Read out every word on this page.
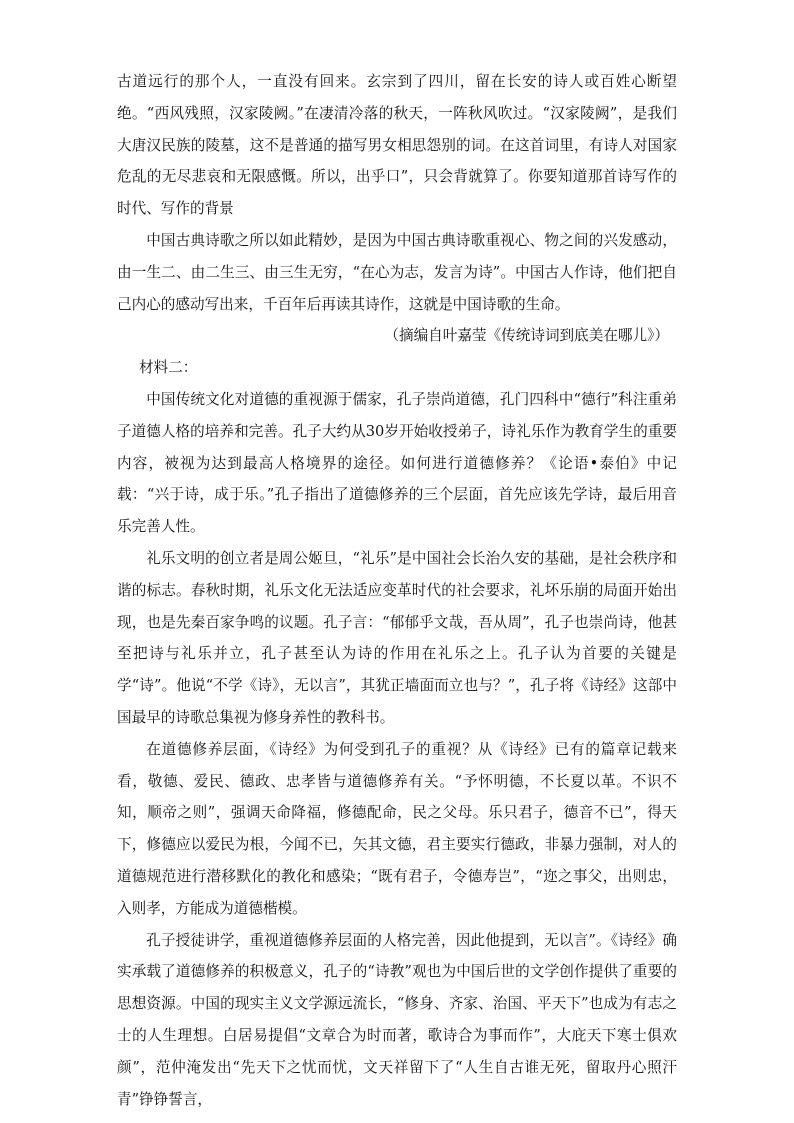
古道远行的那个人，一直没有回来。玄宗到了四川，留在长安的诗人或百姓心断望绝。“西风残照，汉家陵阙。”在凄清冷落的秋天，一阵秋风吹过。“汉家陵阙”，是我们大唐汉民族的陵墓，这不是普通的描写男女相思怨别的词。在这首词里，有诗人对国家危乱的无尽悲哀和无限感慨。所以，出乎口”，只会背就算了。你要知道那首诗写作的时代、写作的背景

中国古典诗歌之所以如此精妙，是因为中国古典诗歌重视心、物之间的兴发感动，由一生二、由二生三、由三生无穷，“在心为志，发言为诗”。中国古人作诗，他们把自己内心的感动写出来，千百年后再读其诗作，这就是中国诗歌的生命。

（摘编自叶嘉莹《传统诗词到底美在哪儿》）

材料二：

中国传统文化对道德的重视源于儒家，孔子崇尚道德，孔门四科中“德行”科注重弟子道德人格的培养和完善。孔子大约从30岁开始收授弟子，诗礼乐作为教育学生的重要内容，被视为达到最高人格境界的途径。如何进行道德修养？《论语•泰伯》中记载：“兴于诗，成于乐。”孔子指出了道德修养的三个层面，首先应该先学诗，最后用音乐完善人性。

礼乐文明的创立者是周公姬旦，“礼乐”是中国社会长治久安的基础，是社会秩序和谐的标志。春秋时期，礼乐文化无法适应变革时代的社会要求，礼坏乐崩的局面开始出现，也是先秦百家争鸣的议题。孔子言：“郁郁乎文哉，吾从周”，孔子也崇尚诗，他甚至把诗与礼乐并立，孔子甚至认为诗的作用在礼乐之上。孔子认为首要的关键是学“诗”。他说“不学《诗》，无以言”，其犹正墙面而立也与？”，孔子将《诗经》这部中国最早的诗歌总集视为修身养性的教科书。

在道德修养层面，《诗经》为何受到孔子的重视？从《诗经》已有的篇章记载来看，敬德、爱民、德政、忠孝皆与道德修养有关。“予怀明德，不长夏以革。不识不知，顺帝之则”，强调天命降福，修德配命，民之父母。乐只君子，德音不已”，得天下，修德应以爱民为根，今闻不已，矢其文德，君主要实行德政，非暴力强制，对人的道德规范进行潜移默化的教化和感染；“既有君子，令德寿岂”，“迩之事父，出则忠，入则孝，方能成为道德楷模。

孔子授徒讲学，重视道德修养层面的人格完善，因此他提到，无以言”。《诗经》确实承载了道德修养的积极意义，孔子的“诗教”观也为中国后世的文学创作提供了重要的思想资源。中国的现实主义文学源远流长，“修身、齐家、治国、平天下”也成为有志之士的人生理想。白居易提倡“文章合为时而著，歌诗合为事而作”，大庇天下寒士俱欢颜”，范仲淹发出“先天下之忧而忧，文天祥留下了“人生自古谁无死，留取丹心照汗青”铮铮誓言，
